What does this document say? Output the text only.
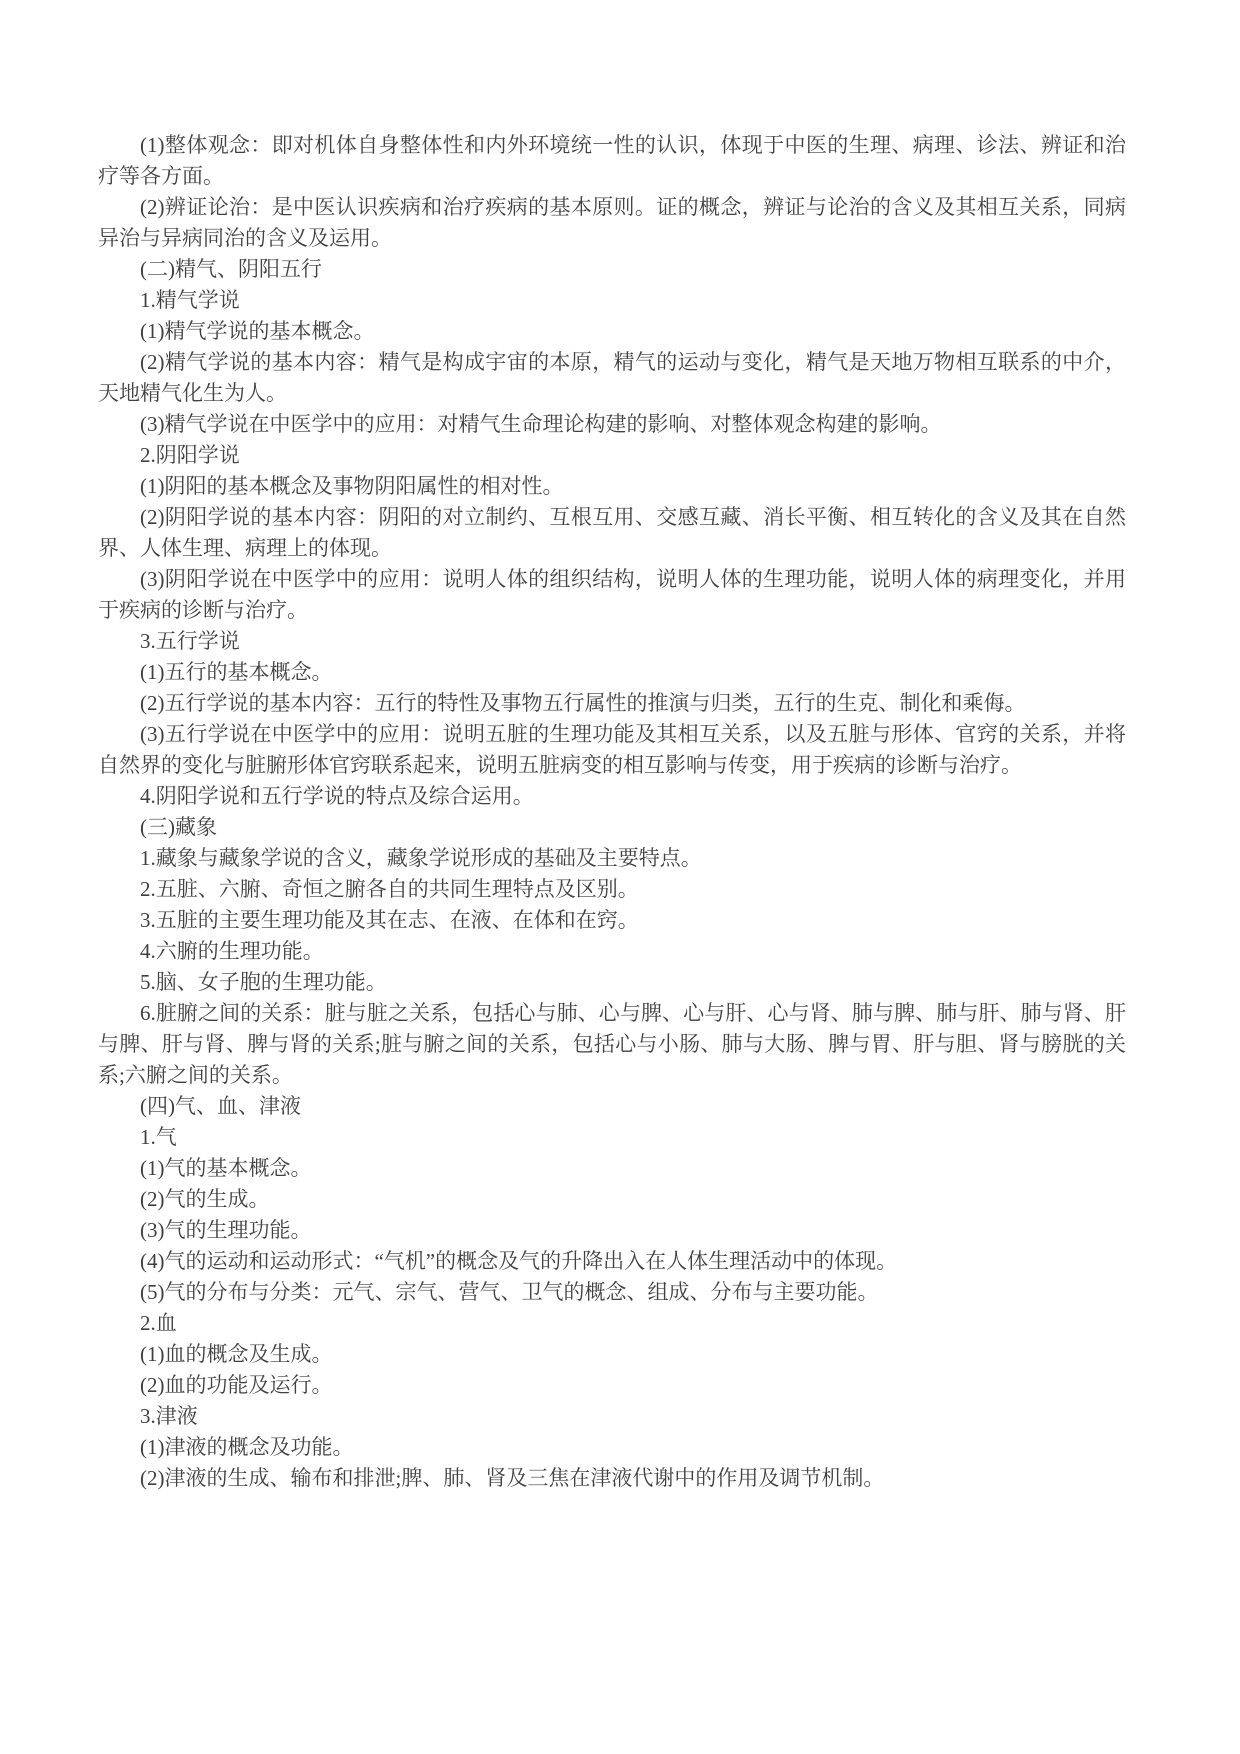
(1)整体观念：即对机体自身整体性和内外环境统一性的认识，体现于中医的生理、病理、诊法、辨证和治疗等各方面。

(2)辨证论治：是中医认识疾病和治疗疾病的基本原则。证的概念，辨证与论治的含义及其相互关系，同病异治与异病同治的含义及运用。

(二)精气、阴阳五行

1.精气学说

(1)精气学说的基本概念。

(2)精气学说的基本内容：精气是构成宇宙的本原，精气的运动与变化，精气是天地万物相互联系的中介，天地精气化生为人。

(3)精气学说在中医学中的应用：对精气生命理论构建的影响、对整体观念构建的影响。

2.阴阳学说

(1)阴阳的基本概念及事物阴阳属性的相对性。

(2)阴阳学说的基本内容：阴阳的对立制约、互根互用、交感互藏、消长平衡、相互转化的含义及其在自然界、人体生理、病理上的体现。

(3)阴阳学说在中医学中的应用：说明人体的组织结构，说明人体的生理功能，说明人体的病理变化，并用于疾病的诊断与治疗。

3.五行学说

(1)五行的基本概念。

(2)五行学说的基本内容：五行的特性及事物五行属性的推演与归类，五行的生克、制化和乘侮。

(3)五行学说在中医学中的应用：说明五脏的生理功能及其相互关系，以及五脏与形体、官窍的关系，并将自然界的变化与脏腑形体官窍联系起来，说明五脏病变的相互影响与传变，用于疾病的诊断与治疗。

4.阴阳学说和五行学说的特点及综合运用。

(三)藏象

1.藏象与藏象学说的含义，藏象学说形成的基础及主要特点。

2.五脏、六腑、奇恒之腑各自的共同生理特点及区别。

3.五脏的主要生理功能及其在志、在液、在体和在窍。

4.六腑的生理功能。

5.脑、女子胞的生理功能。

6.脏腑之间的关系：脏与脏之关系，包括心与肺、心与脾、心与肝、心与肾、肺与脾、肺与肝、肺与肾、肝与脾、肝与肾、脾与肾的关系;脏与腑之间的关系，包括心与小肠、肺与大肠、脾与胃、肝与胆、肾与膀胱的关系;六腑之间的关系。

(四)气、血、津液

1.气

(1)气的基本概念。

(2)气的生成。

(3)气的生理功能。

(4)气的运动和运动形式：“气机”的概念及气的升降出入在人体生理活动中的体现。

(5)气的分布与分类：元气、宗气、营气、卫气的概念、组成、分布与主要功能。

2.血

(1)血的概念及生成。

(2)血的功能及运行。

3.津液

(1)津液的概念及功能。

(2)津液的生成、输布和排泄;脾、肺、肾及三焦在津液代谢中的作用及调节机制。
